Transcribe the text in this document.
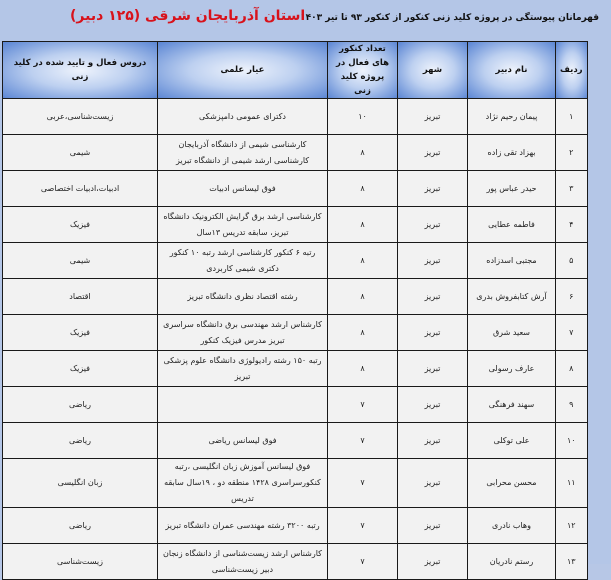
قهرمانان پیوستگی در پروژه کلید زنی کنکور از کنکور ۹۳ تا تیر ۱۴۰۳
استان آذربایجان شرقی (۱۲۵ دبیر)
ردیف	نام دبیر	شهر	تعداد کنکور های فعال در پروژه کلید زنی	عیار علمی	دروس فعال و تایید شده در کلید زنی
۱	پیمان رحیم نژاد	تبریز	۱۰	دکترای عمومی دامپزشکی	زیست‌شناسی،عربی
۲	بهزاد تقی زاده	تبریز	۸	کارشناسی شیمی از دانشگاه آذربایجان کارشناسی ارشد شیمی از دانشگاه تبریز	شیمی
۳	حیدر عباس پور	تبریز	۸	فوق لیسانس ادبیات	ادبیات،ادبیات اختصاصی
۴	فاطمه عطایی	تبریز	۸	کارشناسی ارشد برق گرایش الکترونیک دانشگاه تبریز، سابقه تدریس ۱۳سال	فیزیک
۵	مجتبی اسدزاده	تبریز	۸	رتبه ۶ کنکور کارشناسی ارشد رتبه ۱۰ کنکور دکتری شیمی کاربردی	شیمی
۶	آرش کتابفروش بدری	تبریز	۸	رشته اقتصاد نظری دانشگاه تبریز	اقتصاد
۷	سعید شرق	تبریز	۸	کارشناس ارشد مهندسی برق دانشگاه سراسری تبریز مدرس فیزیک کنکور	فیزیک
۸	عارف رسولی	تبریز	۸	رتبه ۱۵۰ رشته رادیولوژی دانشگاه علوم پزشکی تبریز	فیزیک
۹	سهند فرهنگی	تبریز	۷		ریاضی
۱۰	علی توکلی	تبریز	۷	فوق لیسانس ریاضی	ریاضی
۱۱	محسن محرابی	تبریز	۷	فوق لیسانس آموزش زبان انگلیسی ،رتبه کنکورسراسری ۱۴۲۸ منطقه دو ، ۱۹سال سابقه تدریس	زبان انگلیسی
۱۲	وهاب نادری	تبریز	۷	رتبه ۳۲۰۰ رشته مهندسی عمران دانشگاه تبریز	ریاضی
۱۳	رستم نادریان	تبریز	۷	کارشناس ارشد زیست‌شناسی از دانشگاه زنجان دبیر زیست‌شناسی	زیست‌شناسی
